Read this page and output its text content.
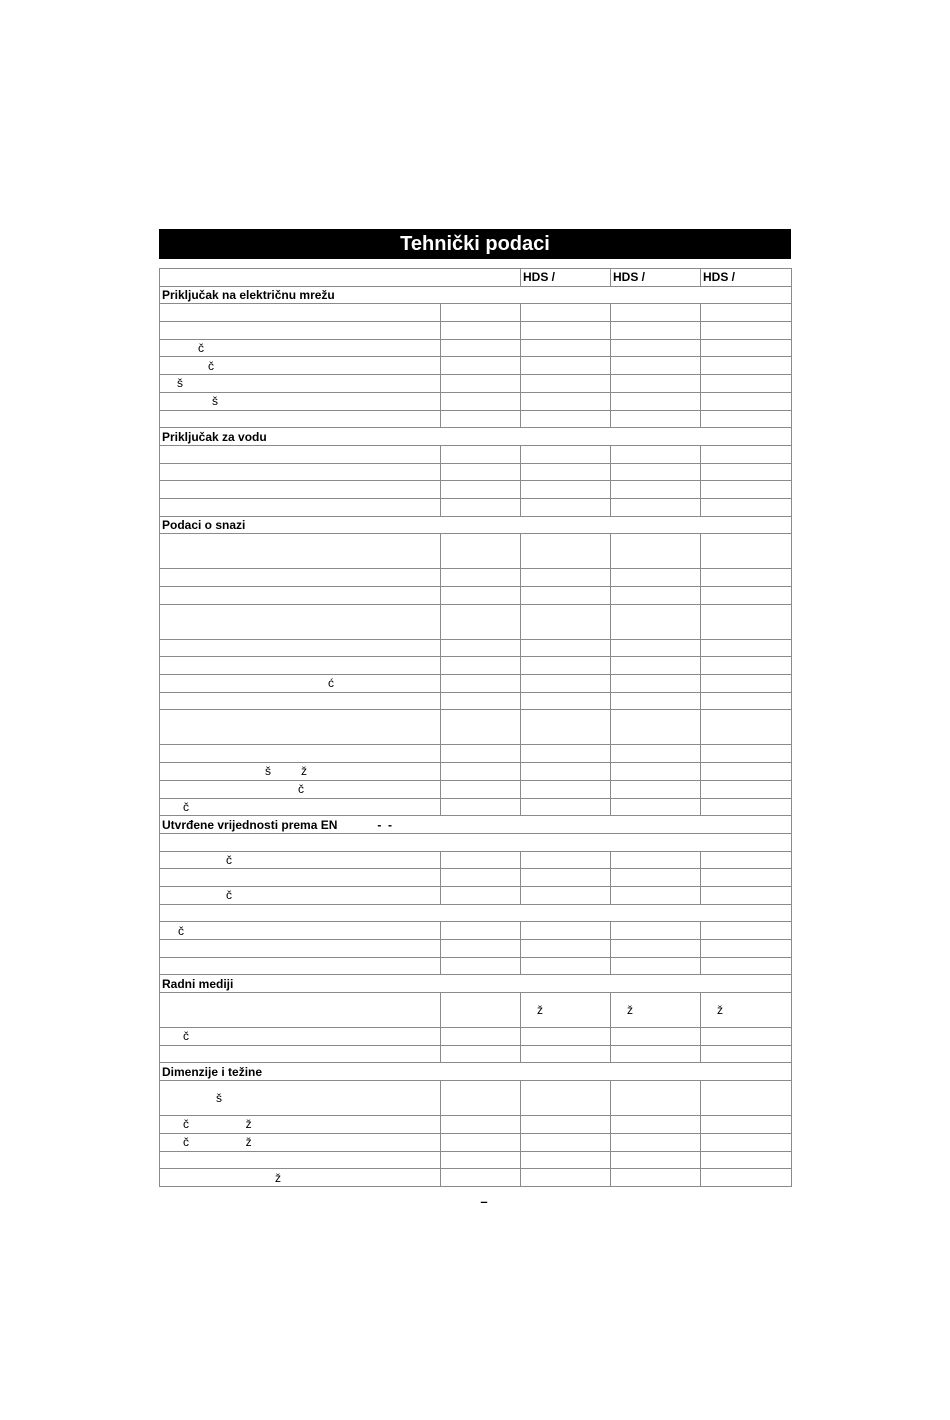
Tehnički podaci
		HDS /	HDS /	HDS /
Priključak na električnu mrežu				

č				
č				
š				
š				

Priključak za vodu				

Podaci o snazi				

ć				

š         ž				
č				
č				
Utvrđene vrijednosti prema EN            -  -				

č				

č				

č				

Radni mediji				
		ž	ž	ž
č				

Dimenzije i težine				
š				
č                 ž				
č                 ž				

ž				
–
